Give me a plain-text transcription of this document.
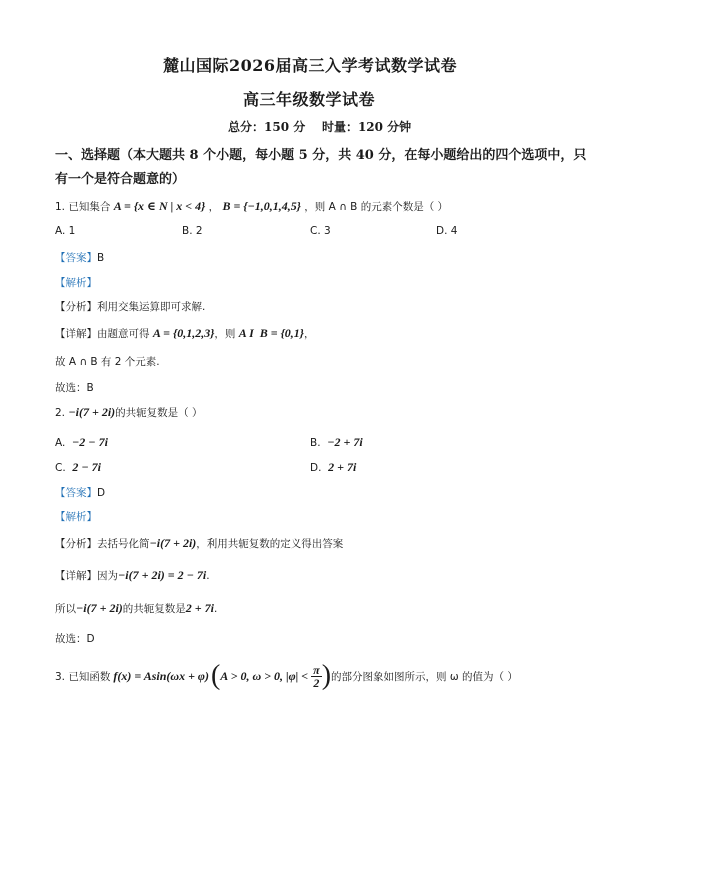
麓山国际2026届高三入学考试数学试卷
高三年级数学试卷
总分：150 分    时量：120 分钟
一、选择题（本大题共 8 个小题，每小题 5 分，共 40 分，在每小题给出的四个选项中，只
有一个是符合题意的）
1. 已知集合 A = {x ∈ N | x < 4} ， B = {−1,0,1,4,5} ，则 A ∩ B 的元素个数是（ ）
A. 1	B. 2	C. 3	D. 4
【答案】B
【解析】
【分析】利用交集运算即可求解.
【详解】由题意可得 A = {0,1,2,3}，则 A I  B = {0,1}，
故 A ∩ B 有 2 个元素.
故选：B
2. −i(7 + 2i)的共轭复数是（ ）
A. −2 − 7i	B. −2 + 7i
C. 2 − 7i	D. 2 + 7i
【答案】D
【解析】
【分析】去括号化简−i(7 + 2i)，利用共轭复数的定义得出答案
【详解】因为−i(7 + 2i) = 2 − 7i.
所以−i(7 + 2i)的共轭复数是2 + 7i.
故选：D
3. 已知函数 f(x) = Asin(ωx + φ) ( A > 0, ω > 0, $|\varphi| < \frac{\pi}{2}$ ) 的部分图象如图所示，则 ω 的值为（ ）
